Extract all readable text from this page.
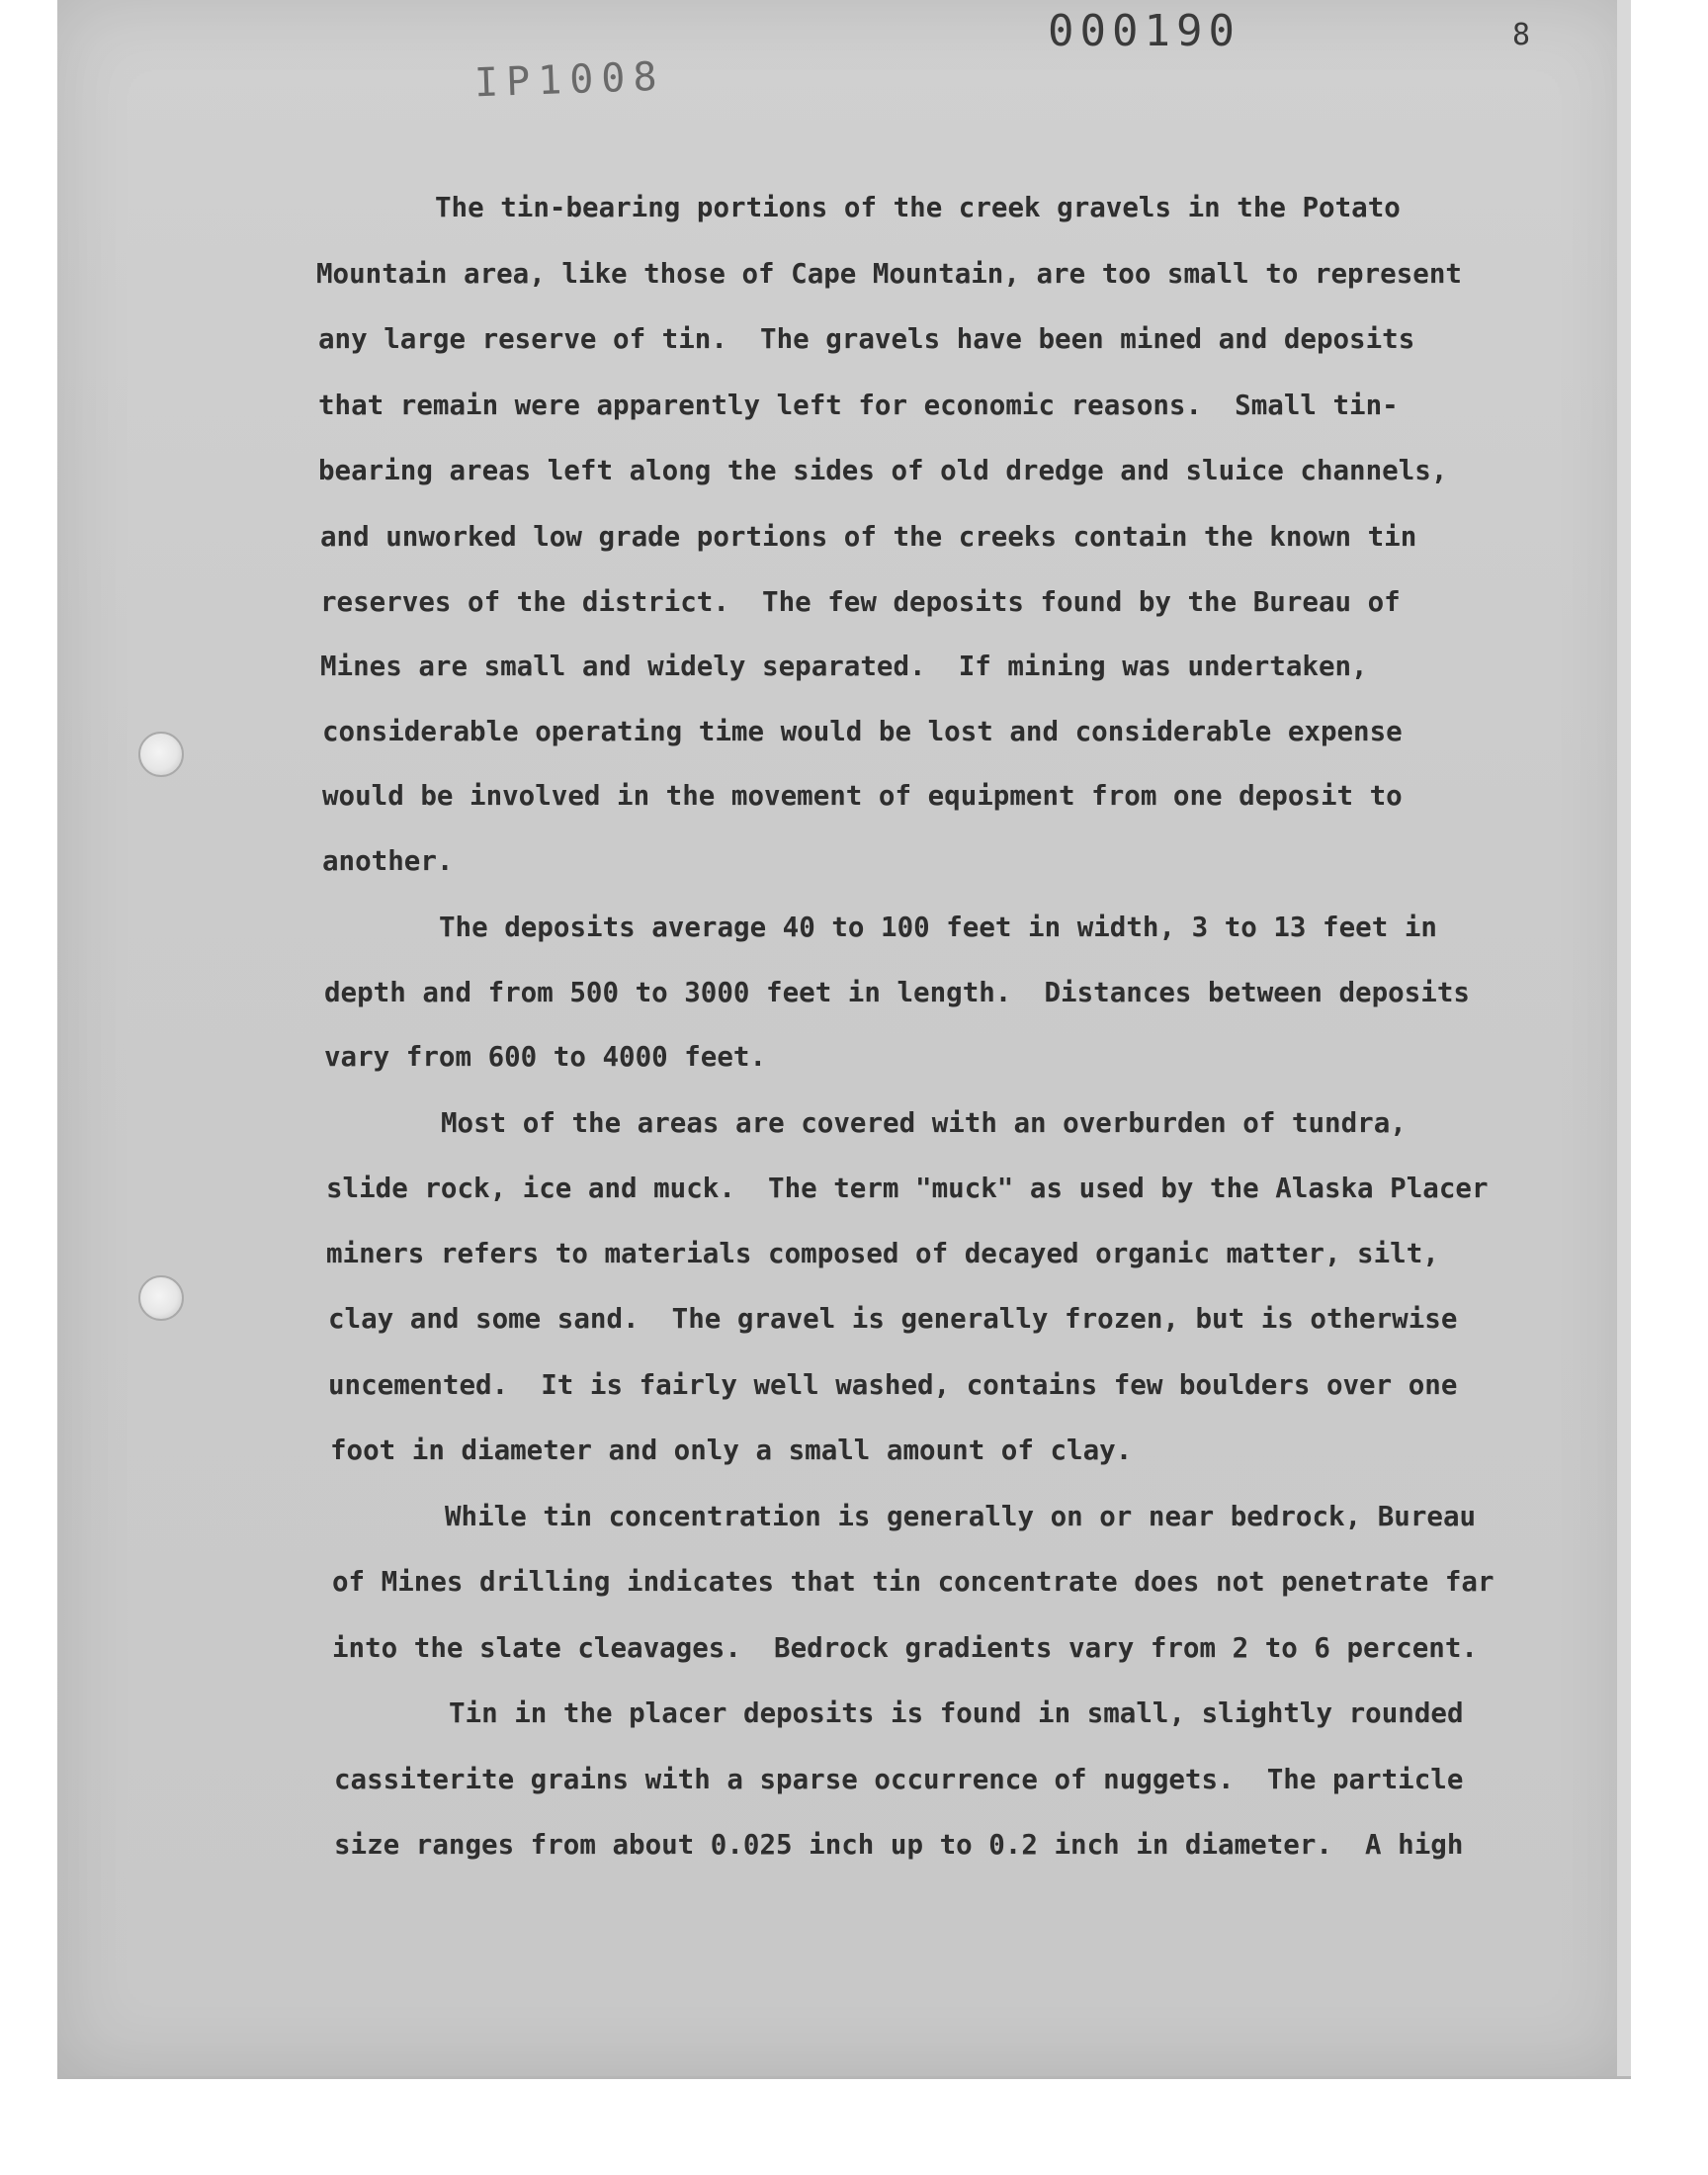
000190
IP1008
8
The tin-bearing portions of the creek gravels in the Potato
Mountain area, like those of Cape Mountain, are too small to represent
any large reserve of tin.  The gravels have been mined and deposits
that remain were apparently left for economic reasons.  Small tin-
bearing areas left along the sides of old dredge and sluice channels,
and unworked low grade portions of the creeks contain the known tin
reserves of the district.  The few deposits found by the Bureau of
Mines are small and widely separated.  If mining was undertaken,
considerable operating time would be lost and considerable expense
would be involved in the movement of equipment from one deposit to
another.
The deposits average 40 to 100 feet in width, 3 to 13 feet in
depth and from 500 to 3000 feet in length.  Distances between deposits
vary from 600 to 4000 feet.
Most of the areas are covered with an overburden of tundra,
slide rock, ice and muck.  The term "muck" as used by the Alaska Placer
miners refers to materials composed of decayed organic matter, silt,
clay and some sand.  The gravel is generally frozen, but is otherwise
uncemented.  It is fairly well washed, contains few boulders over one
foot in diameter and only a small amount of clay.
While tin concentration is generally on or near bedrock, Bureau
of Mines drilling indicates that tin concentrate does not penetrate far
into the slate cleavages.  Bedrock gradients vary from 2 to 6 percent.
Tin in the placer deposits is found in small, slightly rounded
cassiterite grains with a sparse occurrence of nuggets.  The particle
size ranges from about 0.025 inch up to 0.2 inch in diameter.  A high
